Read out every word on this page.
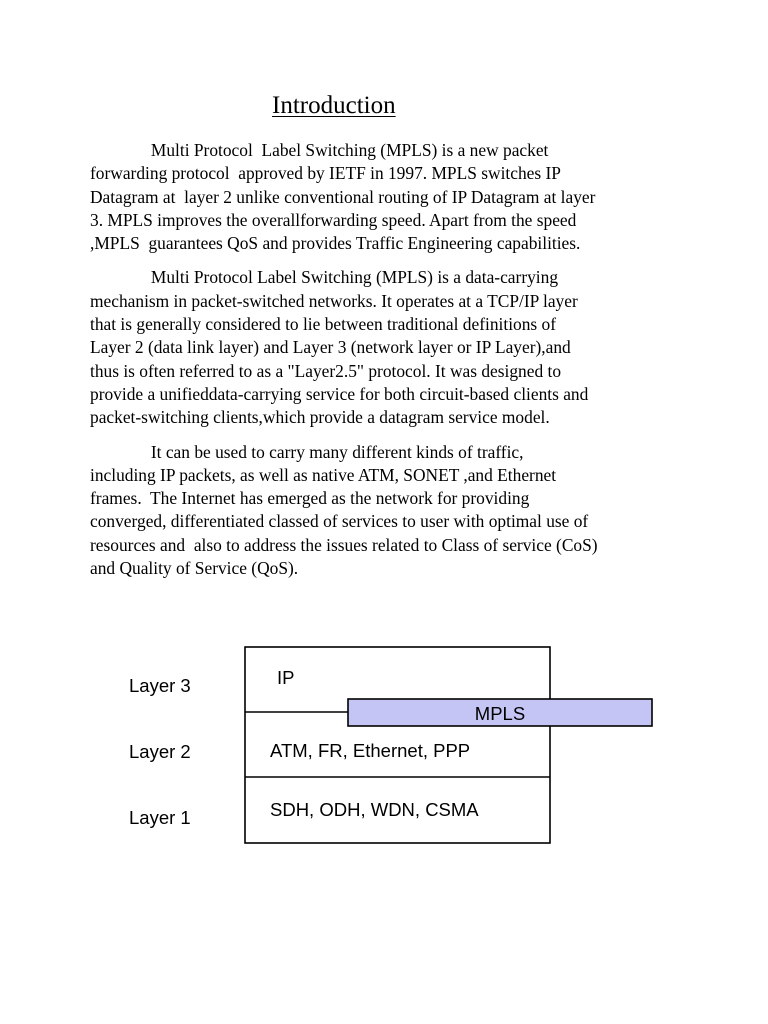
Introduction

Multi Protocol  Label Switching (MPLS) is a new packet
forwarding protocol  approved by IETF in 1997. MPLS switches IP
Datagram at  layer 2 unlike conventional routing of IP Datagram at layer
3. MPLS improves the overallforwarding speed. Apart from the speed
,MPLS  guarantees QoS and provides Traffic Engineering capabilities.

Multi Protocol Label Switching (MPLS) is a data-carrying
mechanism in packet-switched networks. It operates at a TCP/IP layer
that is generally considered to lie between traditional definitions of
Layer 2 (data link layer) and Layer 3 (network layer or IP Layer),and
thus is often referred to as a "Layer2.5" protocol. It was designed to
provide a unifieddata-carrying service for both circuit-based clients and
packet-switching clients,which provide a datagram service model.

It can be used to carry many different kinds of traffic,
including IP packets, as well as native ATM, SONET ,and Ethernet
frames.  The Internet has emerged as the network for providing
converged, differentiated classed of services to user with optimal use of
resources and  also to address the issues related to Class of service (CoS)
and Quality of Service (QoS).

Layer 3
Layer 2
Layer 1
IP
MPLS
ATM, FR, Ethernet, PPP
SDH, ODH, WDN, CSMA
